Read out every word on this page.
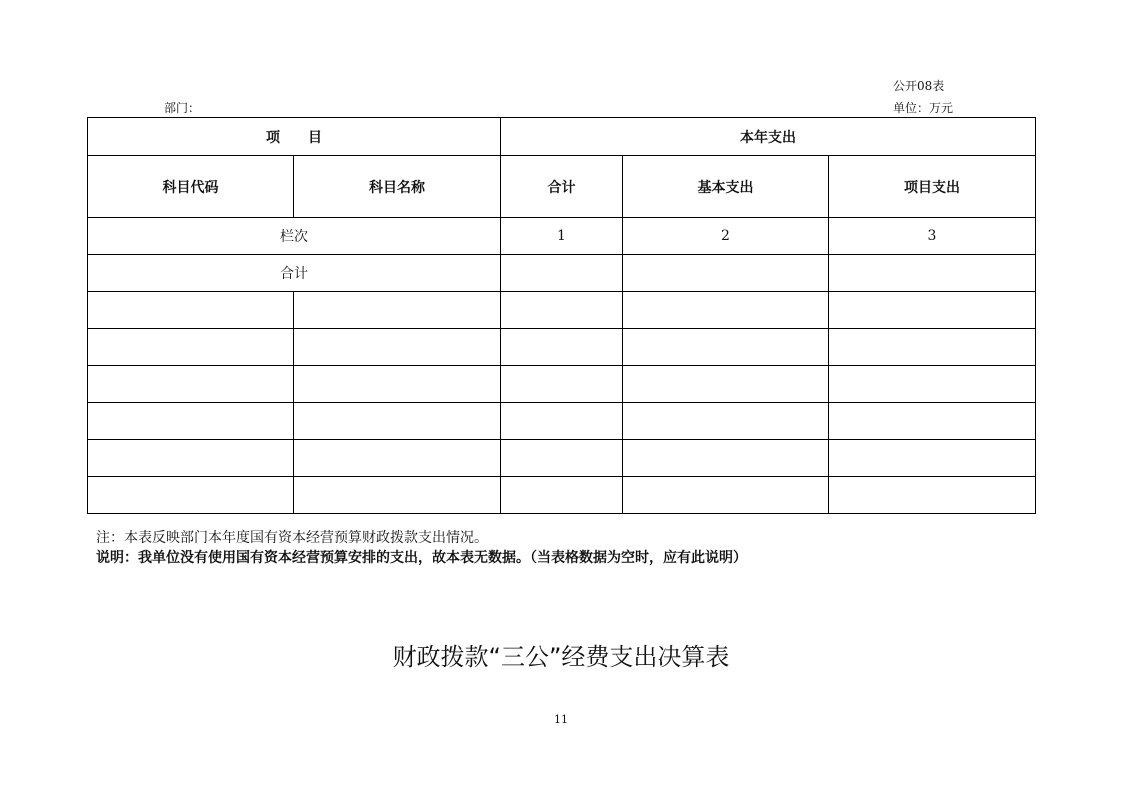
公开08表
部门：	单位：万元
项　　目		本年支出		
科目代码	科目名称	合计	基本支出	项目支出
栏次		1	2	3
合计				

注：本表反映部门本年度国有资本经营预算财政拨款支出情况。
说明：我单位没有使用国有资本经营预算安排的支出，故本表无数据。（当表格数据为空时，应有此说明）
财政拨款“三公”经费支出决算表
11
